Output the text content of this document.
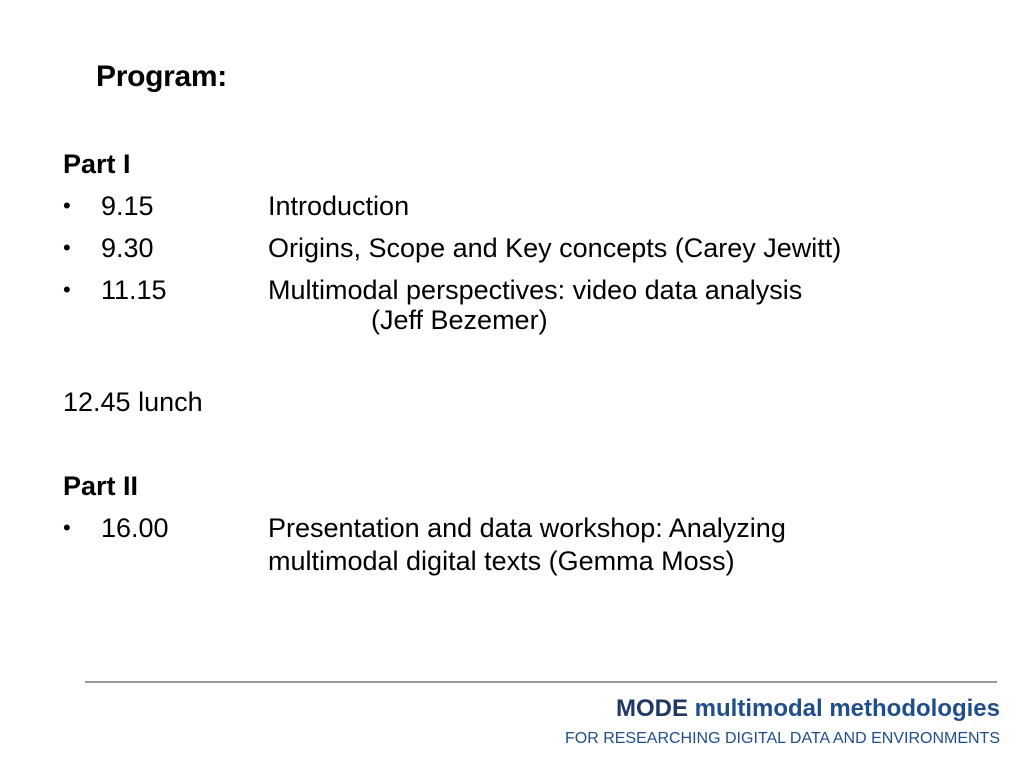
Program:
Part I
•	9.15	Introduction
•	9.30	Origins, Scope and Key concepts (Carey Jewitt)
•	11.15	Multimodal perspectives: video data analysis
(Jeff Bezemer)
12.45 lunch
Part II
•	16.00	Presentation and data workshop: Analyzing
multimodal digital texts (Gemma Moss)
MODE multimodal methodologies
FOR RESEARCHING DIGITAL DATA AND ENVIRONMENTS
